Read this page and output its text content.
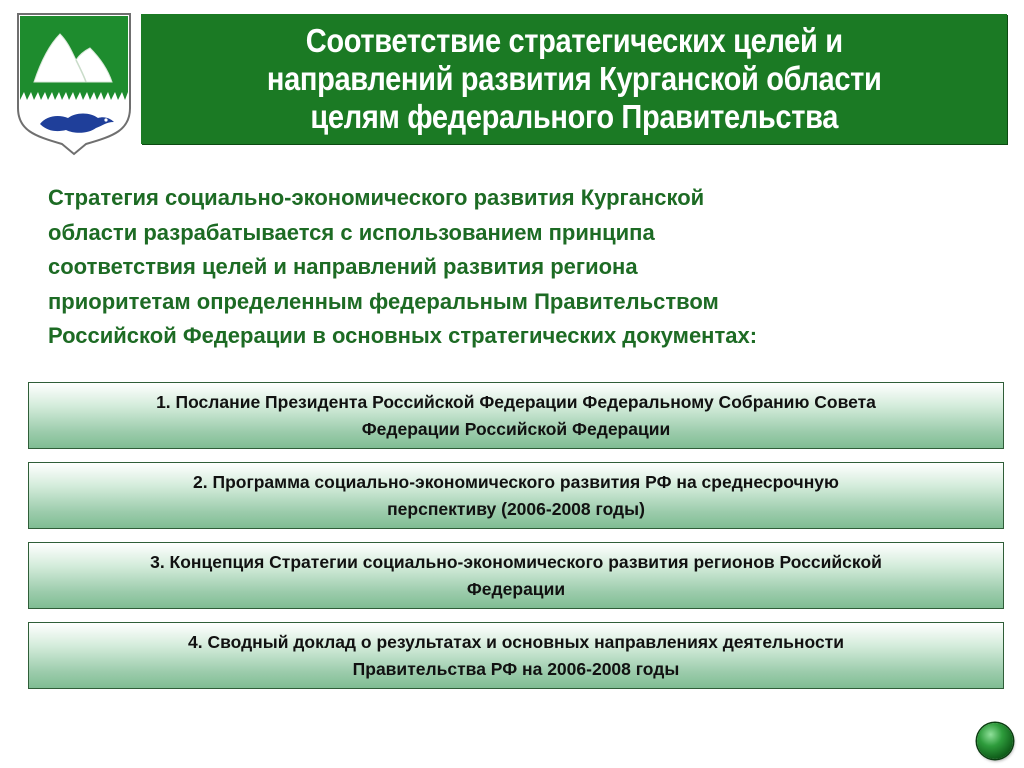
Соответствие стратегических целей и
направлений развития Курганской области
целям федерального Правительства

Стратегия социально-экономического развития Курганской
области разрабатывается с использованием принципа
соответствия целей и направлений развития региона
приоритетам определенным федеральным Правительством
Российской Федерации в основных стратегических документах:

1. Послание Президента Российской Федерации Федеральному Собранию Совета
Федерации Российской Федерации
2. Программа социально-экономического развития РФ на среднесрочную
перспективу (2006-2008 годы)
3. Концепция Стратегии социально-экономического развития регионов Российской
Федерации
4. Сводный доклад о результатах и основных направлениях деятельности
Правительства РФ на 2006-2008 годы
